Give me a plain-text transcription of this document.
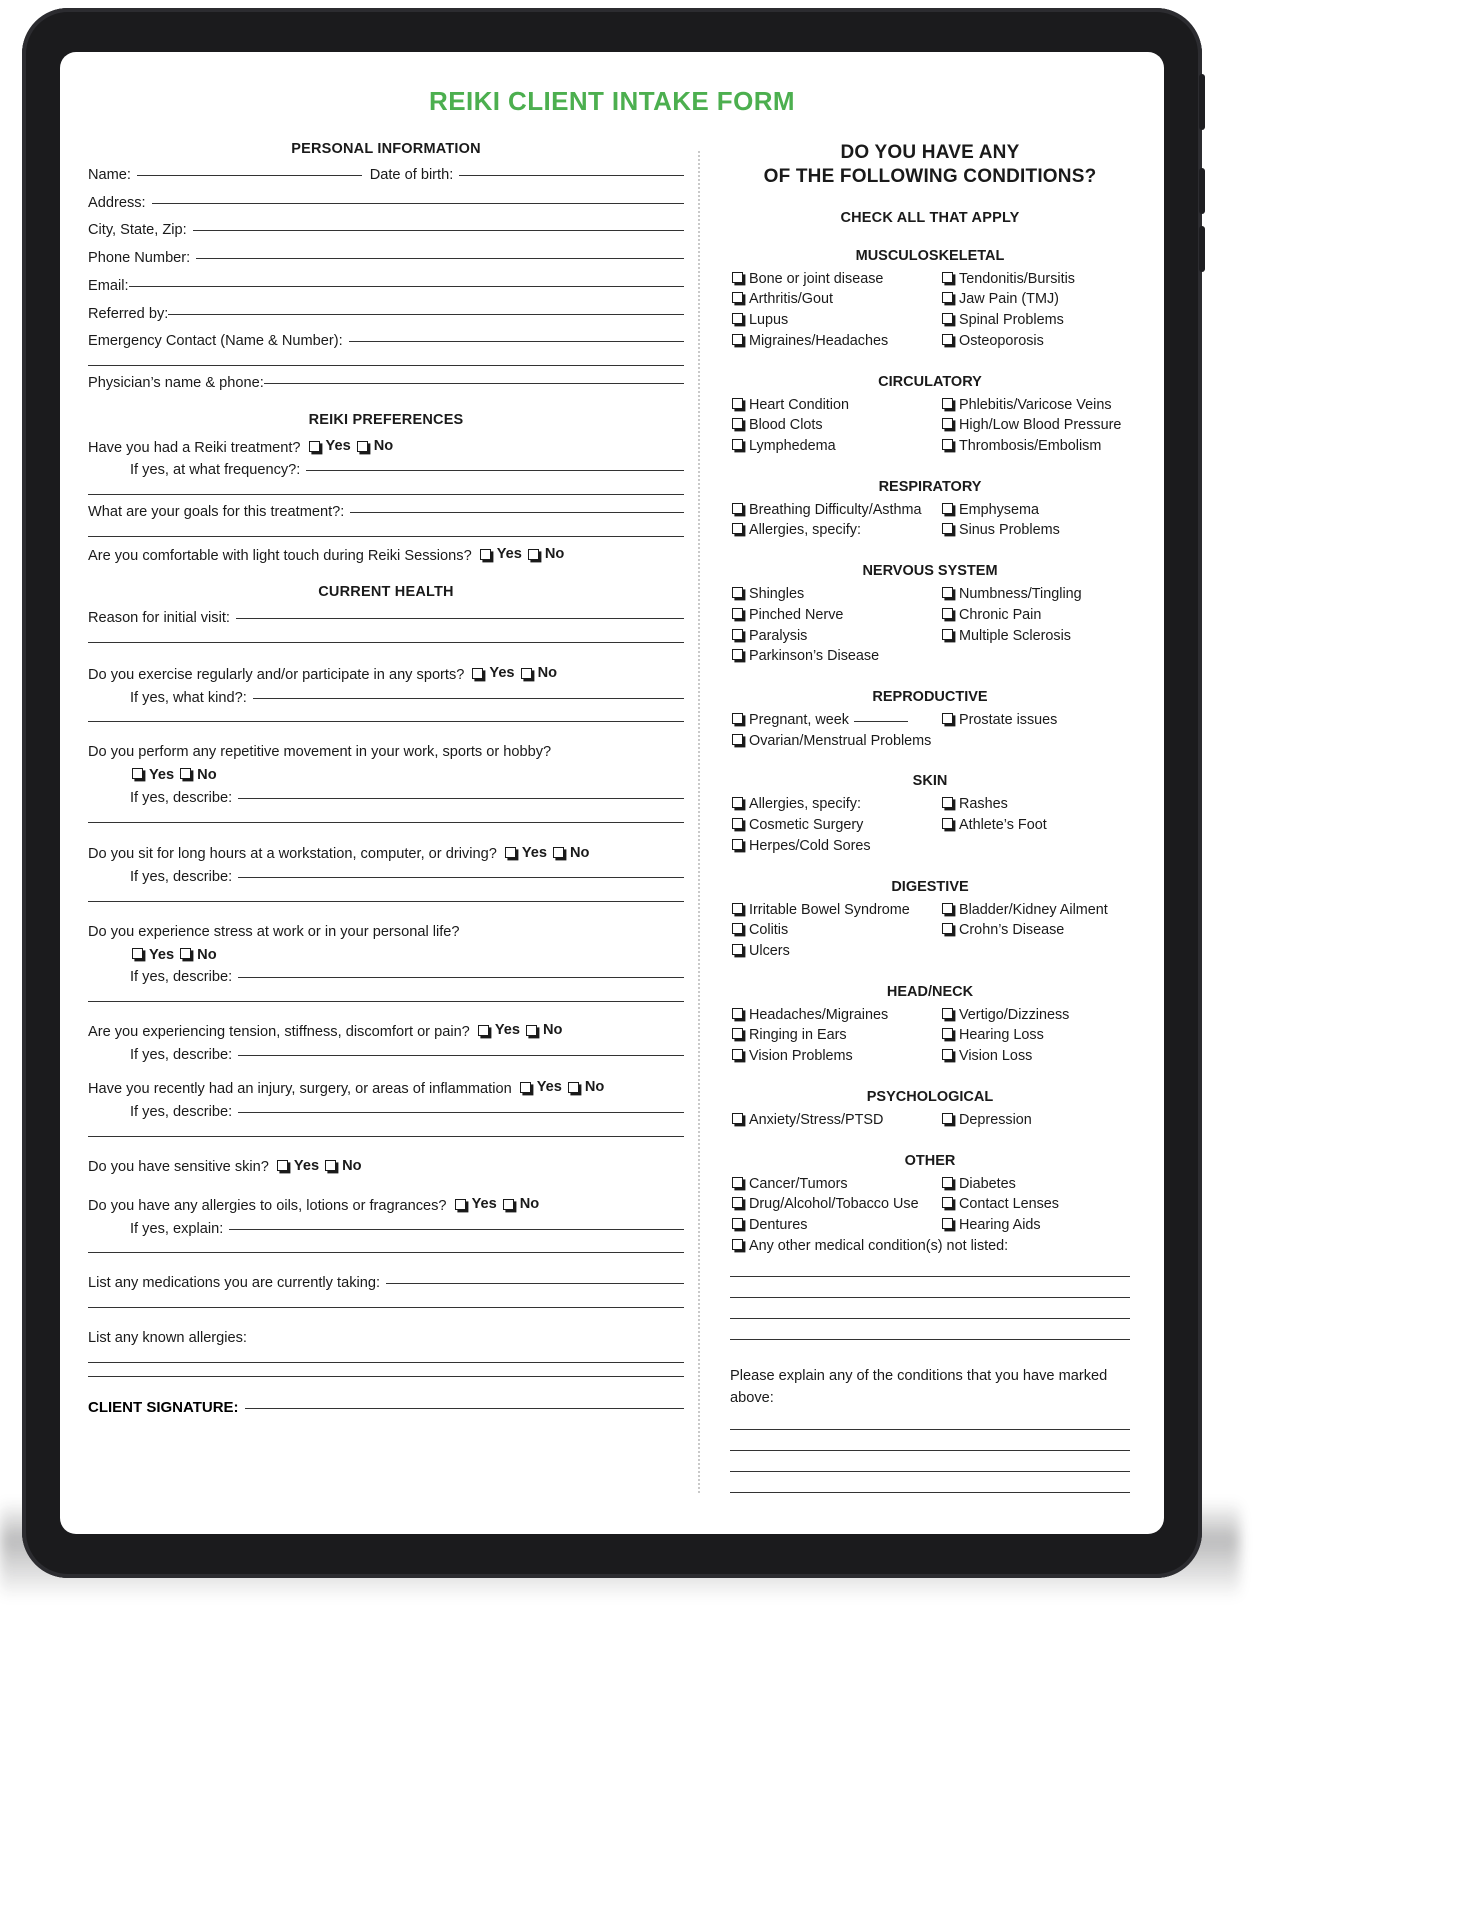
REIKI CLIENT INTAKE FORM
PERSONAL INFORMATION
Name:	Date of birth:
Address:
City, State, Zip:
Phone Number:
Email:
Referred by:
Emergency Contact (Name & Number):
Physician’s name & phone:
REIKI PREFERENCES
Have you had a Reiki treatment? Yes No
If yes, at what frequency?:
What are your goals for this treatment?:
Are you comfortable with light touch during Reiki Sessions? Yes No
CURRENT HEALTH
Reason for initial visit:
Do you exercise regularly and/or participate in any sports? Yes No
If yes, what kind?:
Do you perform any repetitive movement in your work, sports or hobby?
Yes No
If yes, describe:
Do you sit for long hours at a workstation, computer, or driving? Yes No
If yes, describe:
Do you experience stress at work or in your personal life?
Yes No
If yes, describe:
Are you experiencing tension, stiffness, discomfort or pain? Yes No
If yes, describe:
Have you recently had an injury, surgery, or areas of inflammation Yes No
If yes, describe:
Do you have sensitive skin? Yes No
Do you have any allergies to oils, lotions or fragrances? Yes No
If yes, explain:
List any medications you are currently taking:
List any known allergies:
CLIENT SIGNATURE:
DO YOU HAVE ANY
OF THE FOLLOWING CONDITIONS?
CHECK ALL THAT APPLY
MUSCULOSKELETAL
Bone or joint disease	Tendonitis/Bursitis
Arthritis/Gout	Jaw Pain (TMJ)
Lupus	Spinal Problems
Migraines/Headaches	Osteoporosis
CIRCULATORY
Heart Condition	Phlebitis/Varicose Veins
Blood Clots	High/Low Blood Pressure
Lymphedema	Thrombosis/Embolism
RESPIRATORY
Breathing Difficulty/Asthma	Emphysema
Allergies, specify:	Sinus Problems
NERVOUS SYSTEM
Shingles	Numbness/Tingling
Pinched Nerve	Chronic Pain
Paralysis	Multiple Sclerosis
Parkinson’s Disease
REPRODUCTIVE
Pregnant, week	Prostate issues
Ovarian/Menstrual Problems
SKIN
Allergies, specify:	Rashes
Cosmetic Surgery	Athlete’s Foot
Herpes/Cold Sores
DIGESTIVE
Irritable Bowel Syndrome	Bladder/Kidney Ailment
Colitis	Crohn’s Disease
Ulcers
HEAD/NECK
Headaches/Migraines	Vertigo/Dizziness
Ringing in Ears	Hearing Loss
Vision Problems	Vision Loss
PSYCHOLOGICAL
Anxiety/Stress/PTSD	Depression
OTHER
Cancer/Tumors	Diabetes
Drug/Alcohol/Tobacco Use	Contact Lenses
Dentures	Hearing Aids
Any other medical condition(s) not listed:
Please explain any of the conditions that you have marked above:
